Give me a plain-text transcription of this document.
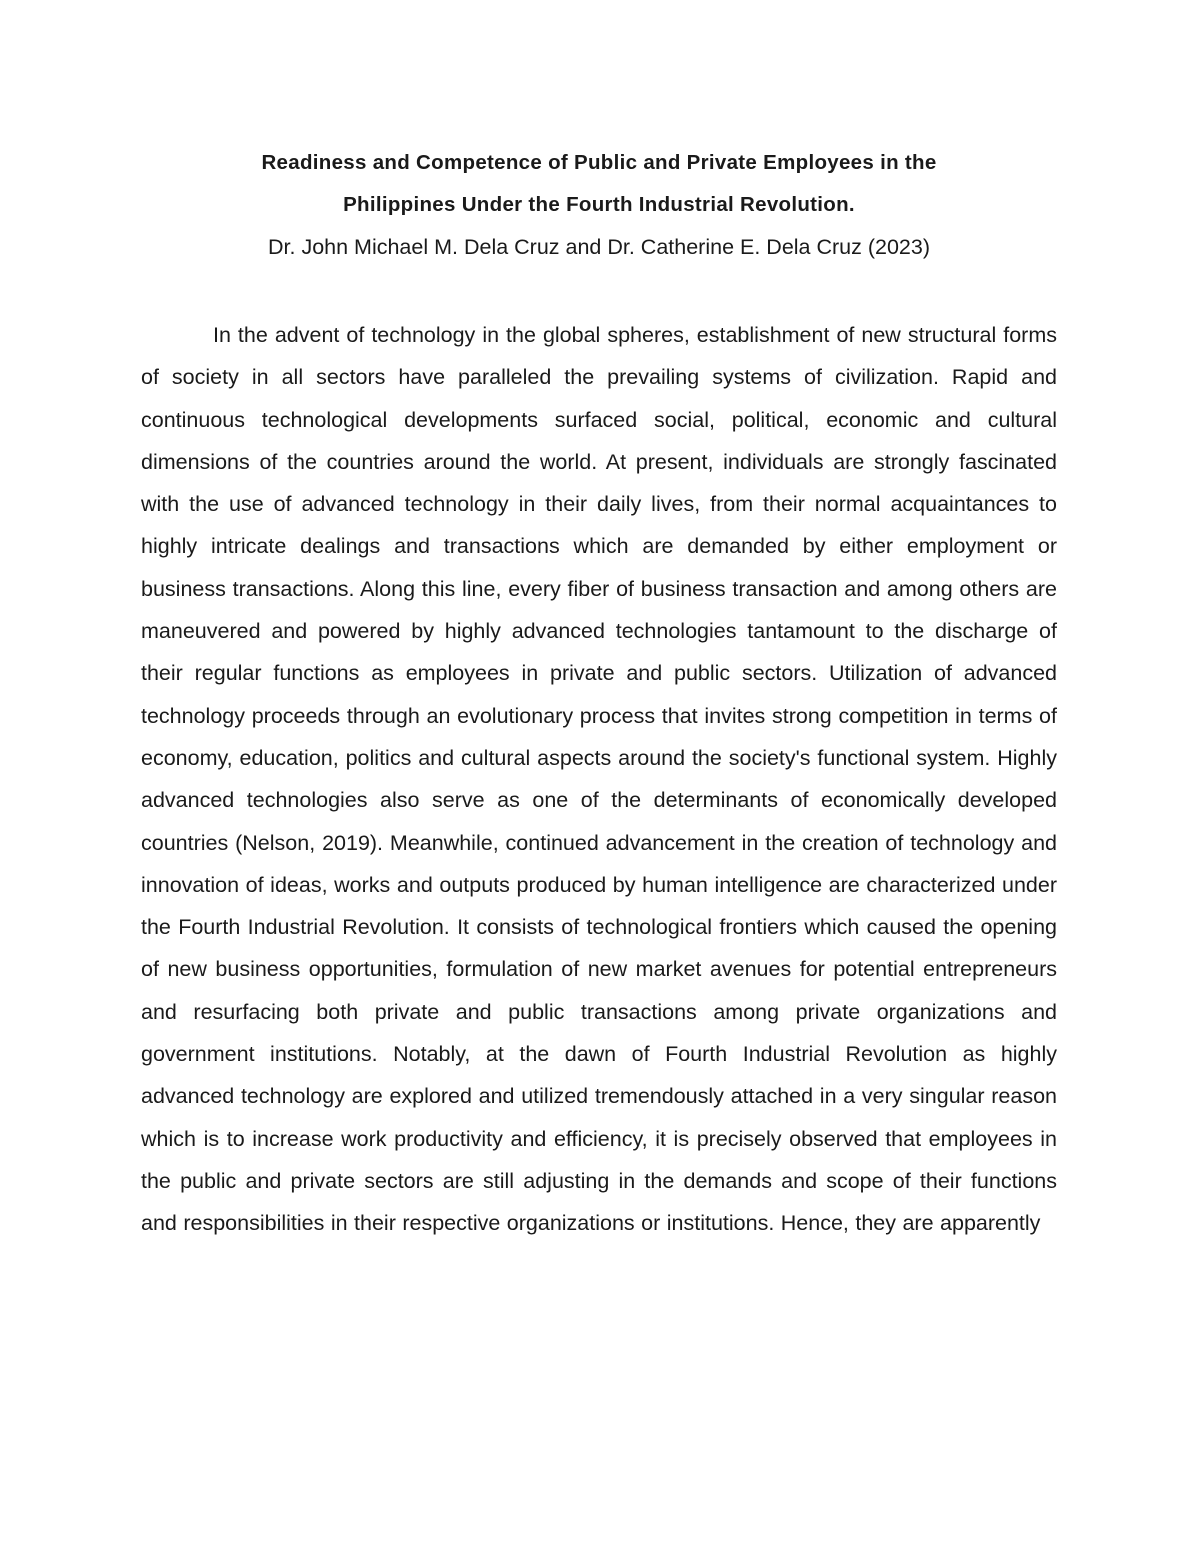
Readiness and Competence of Public and Private Employees in the

Philippines Under the Fourth Industrial Revolution.

Dr. John Michael M. Dela Cruz and Dr. Catherine E. Dela Cruz (2023)

In the advent of technology in the global spheres, establishment of new structural forms of society in all sectors have paralleled the prevailing systems of civilization. Rapid and continuous technological developments surfaced social, political, economic and cultural dimensions of the countries around the world. At present, individuals are strongly fascinated with the use of advanced technology in their daily lives, from their normal acquaintances to highly intricate dealings and transactions which are demanded by either employment or business transactions. Along this line, every fiber of business transaction and among others are maneuvered and powered by highly advanced technologies tantamount to the discharge of their regular functions as employees in private and public sectors. Utilization of advanced technology proceeds through an evolutionary process that invites strong competition in terms of economy, education, politics and cultural aspects around the society's functional system. Highly advanced technologies also serve as one of the determinants of economically developed countries (Nelson, 2019). Meanwhile, continued advancement in the creation of technology and innovation of ideas, works and outputs produced by human intelligence are characterized under the Fourth Industrial Revolution. It consists of technological frontiers which caused the opening of new business opportunities, formulation of new market avenues for potential entrepreneurs and resurfacing both private and public transactions among private organizations and government institutions. Notably, at the dawn of Fourth Industrial Revolution as highly advanced technology are explored and utilized tremendously attached in a very singular reason which is to increase work productivity and efficiency, it is precisely observed that employees in the public and private sectors are still adjusting in the demands and scope of their functions and responsibilities in their respective organizations or institutions. Hence, they are apparently
